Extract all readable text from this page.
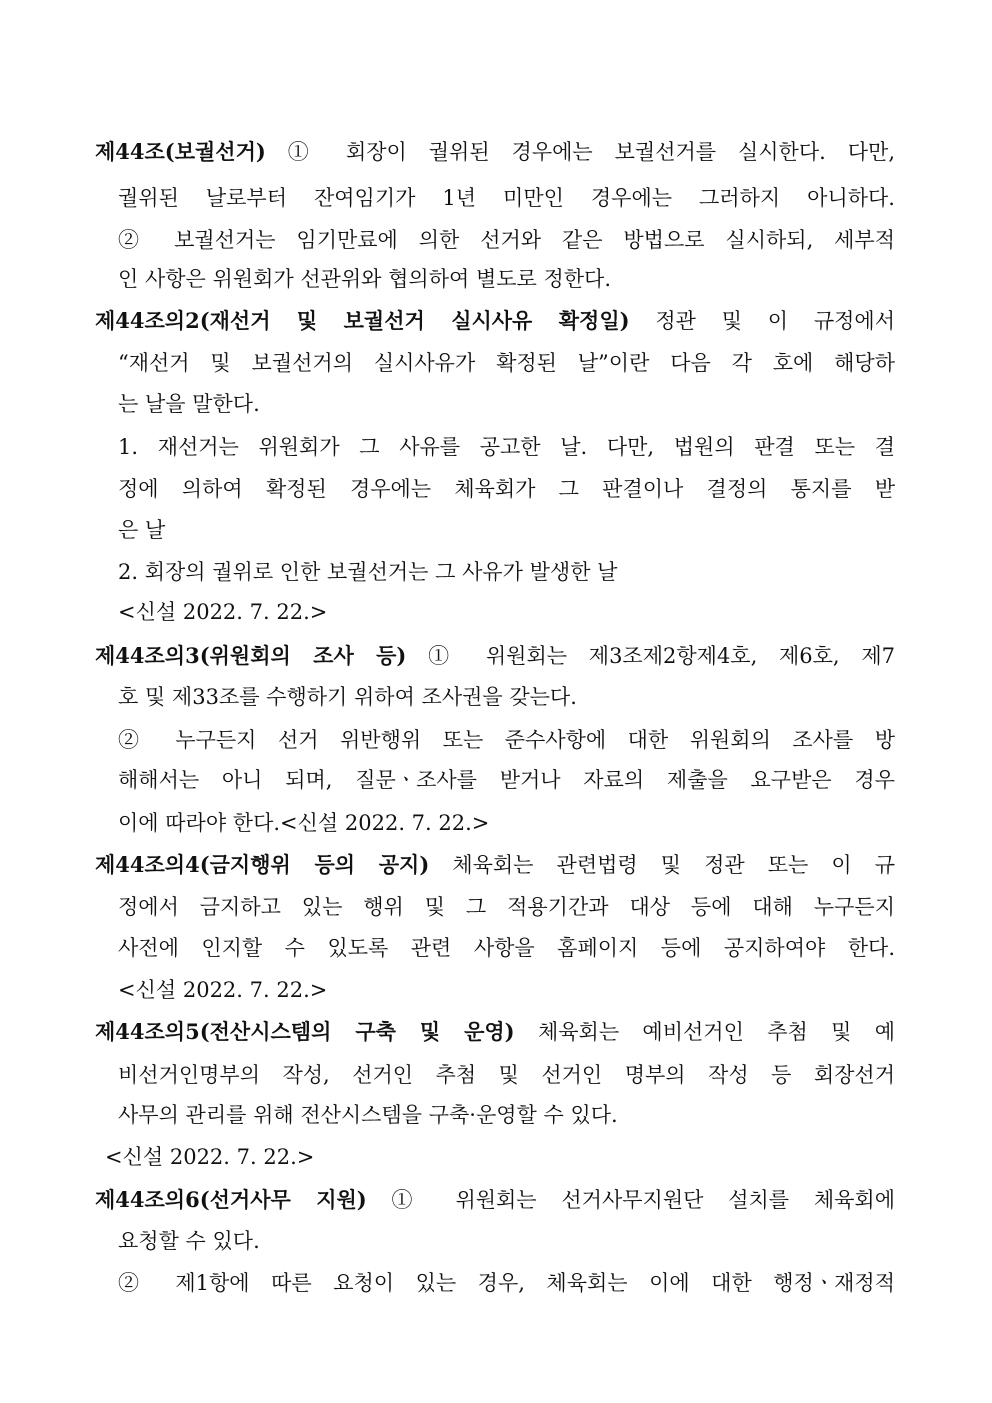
제44조(보궐선거) ① 회장이 궐위된 경우에는 보궐선거를 실시한다. 다만,
궐위된 날로부터 잔여임기가 1년 미만인 경우에는 그러하지 아니하다.
② 보궐선거는 임기만료에 의한 선거와 같은 방법으로 실시하되, 세부적
인 사항은 위원회가 선관위와 협의하여 별도로 정한다.
제44조의2(재선거 및 보궐선거 실시사유 확정일) 정관 및 이 규정에서
“재선거 및 보궐선거의 실시사유가 확정된 날”이란 다음 각 호에 해당하
는 날을 말한다.
1. 재선거는 위원회가 그 사유를 공고한 날. 다만, 법원의 판결 또는 결
정에 의하여 확정된 경우에는 체육회가 그 판결이나 결정의 통지를 받
은 날
2. 회장의 궐위로 인한 보궐선거는 그 사유가 발생한 날
<신설 2022. 7. 22.>
제44조의3(위원회의 조사 등) ① 위원회는 제3조제2항제4호, 제6호, 제7
호 및 제33조를 수행하기 위하여 조사권을 갖는다.
② 누구든지 선거 위반행위 또는 준수사항에 대한 위원회의 조사를 방
해해서는 아니 되며, 질문ㆍ조사를 받거나 자료의 제출을 요구받은 경우
이에 따라야 한다.<신설 2022. 7. 22.>
제44조의4(금지행위 등의 공지) 체육회는 관련법령 및 정관 또는 이 규
정에서 금지하고 있는 행위 및 그 적용기간과 대상 등에 대해 누구든지
사전에 인지할 수 있도록 관련 사항을 홈페이지 등에 공지하여야 한다.
<신설 2022. 7. 22.>
제44조의5(전산시스템의 구축 및 운영) 체육회는 예비선거인 추첨 및 예
비선거인명부의 작성, 선거인 추첨 및 선거인 명부의 작성 등 회장선거
사무의 관리를 위해 전산시스템을 구축·운영할 수 있다.
<신설 2022. 7. 22.>
제44조의6(선거사무 지원) ① 위원회는 선거사무지원단 설치를 체육회에
요청할 수 있다.
② 제1항에 따른 요청이 있는 경우, 체육회는 이에 대한 행정ㆍ재정적
